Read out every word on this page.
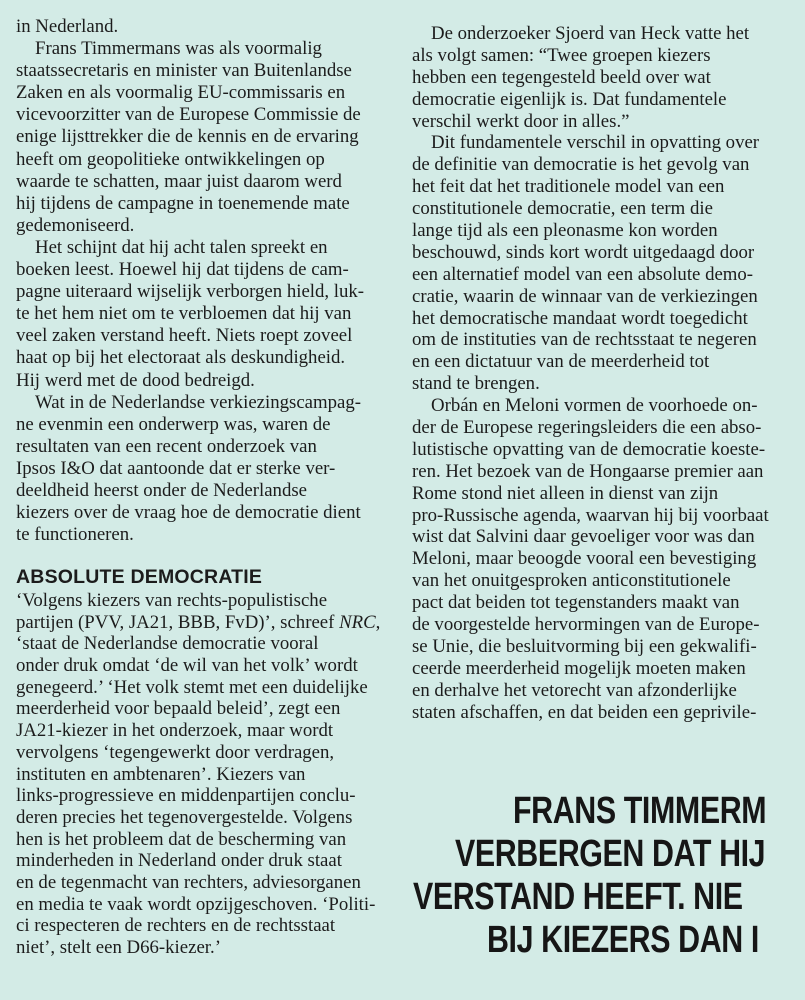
in Nederland.
Frans Timmermans was als voormalig
staatssecretaris en minister van Buitenlandse
Zaken en als voormalig EU-commissaris en
vicevoorzitter van de Europese Commissie de
enige lijsttrekker die de kennis en de ervaring
heeft om geopolitieke ontwikkelingen op
waarde te schatten, maar juist daarom werd
hij tijdens de campagne in toenemende mate
gedemoniseerd.
Het schijnt dat hij acht talen spreekt en
boeken leest. Hoewel hij dat tijdens de cam-
pagne uiteraard wijselijk verborgen hield, luk-
te het hem niet om te verbloemen dat hij van
veel zaken verstand heeft. Niets roept zoveel
haat op bij het electoraat als deskundigheid.
Hij werd met de dood bedreigd.
Wat in de Nederlandse verkiezingscampag-
ne evenmin een onderwerp was, waren de
resultaten van een recent onderzoek van
Ipsos I&O dat aantoonde dat er sterke ver-
deeldheid heerst onder de Nederlandse
kiezers over de vraag hoe de democratie dient
te functioneren.
ABSOLUTE DEMOCRATIE
‘Volgens kiezers van rechts-populistische
partijen (PVV, JA21, BBB, FvD)’, schreef NRC,
‘staat de Nederlandse democratie vooral
onder druk omdat ‘de wil van het volk’ wordt
genegeerd.’ ‘Het volk stemt met een duidelijke
meerderheid voor bepaald beleid’, zegt een
JA21-kiezer in het onderzoek, maar wordt
vervolgens ‘tegengewerkt door verdragen,
instituten en ambtenaren’. Kiezers van
links-progressieve en middenpartijen conclu-
deren precies het tegenovergestelde. Volgens
hen is het probleem dat de bescherming van
minderheden in Nederland onder druk staat
en de tegenmacht van rechters, adviesorganen
en media te vaak wordt opzijgeschoven. ‘Politi-
ci respecteren de rechters en de rechtsstaat
niet’, stelt een D66-kiezer.’
De onderzoeker Sjoerd van Heck vatte het
als volgt samen: “Twee groepen kiezers
hebben een tegengesteld beeld over wat
democratie eigenlijk is. Dat fundamentele
verschil werkt door in alles.”
Dit fundamentele verschil in opvatting over
de definitie van democratie is het gevolg van
het feit dat het traditionele model van een
constitutionele democratie, een term die
lange tijd als een pleonasme kon worden
beschouwd, sinds kort wordt uitgedaagd door
een alternatief model van een absolute demo-
cratie, waarin de winnaar van de verkiezingen
het democratische mandaat wordt toegedicht
om de instituties van de rechtsstaat te negeren
en een dictatuur van de meerderheid tot
stand te brengen.
Orbán en Meloni vormen de voorhoede on-
der de Europese regeringsleiders die een abso-
lutistische opvatting van de democratie koeste-
ren. Het bezoek van de Hongaarse premier aan
Rome stond niet alleen in dienst van zijn
pro-Russische agenda, waarvan hij bij voorbaat
wist dat Salvini daar gevoeliger voor was dan
Meloni, maar beoogde vooral een bevestiging
van het onuitgesproken anticonstitutionele
pact dat beiden tot tegenstanders maakt van
de voorgestelde hervormingen van de Europe-
se Unie, die besluitvorming bij een gekwalifi-
ceerde meerderheid mogelijk moeten maken
en derhalve het vetorecht van afzonderlijke
staten afschaffen, en dat beiden een geprivile-
FRANS TIMMERM
VERBERGEN DAT HIJ
VERSTAND HEEFT. NIE
BIJ KIEZERS DAN I
